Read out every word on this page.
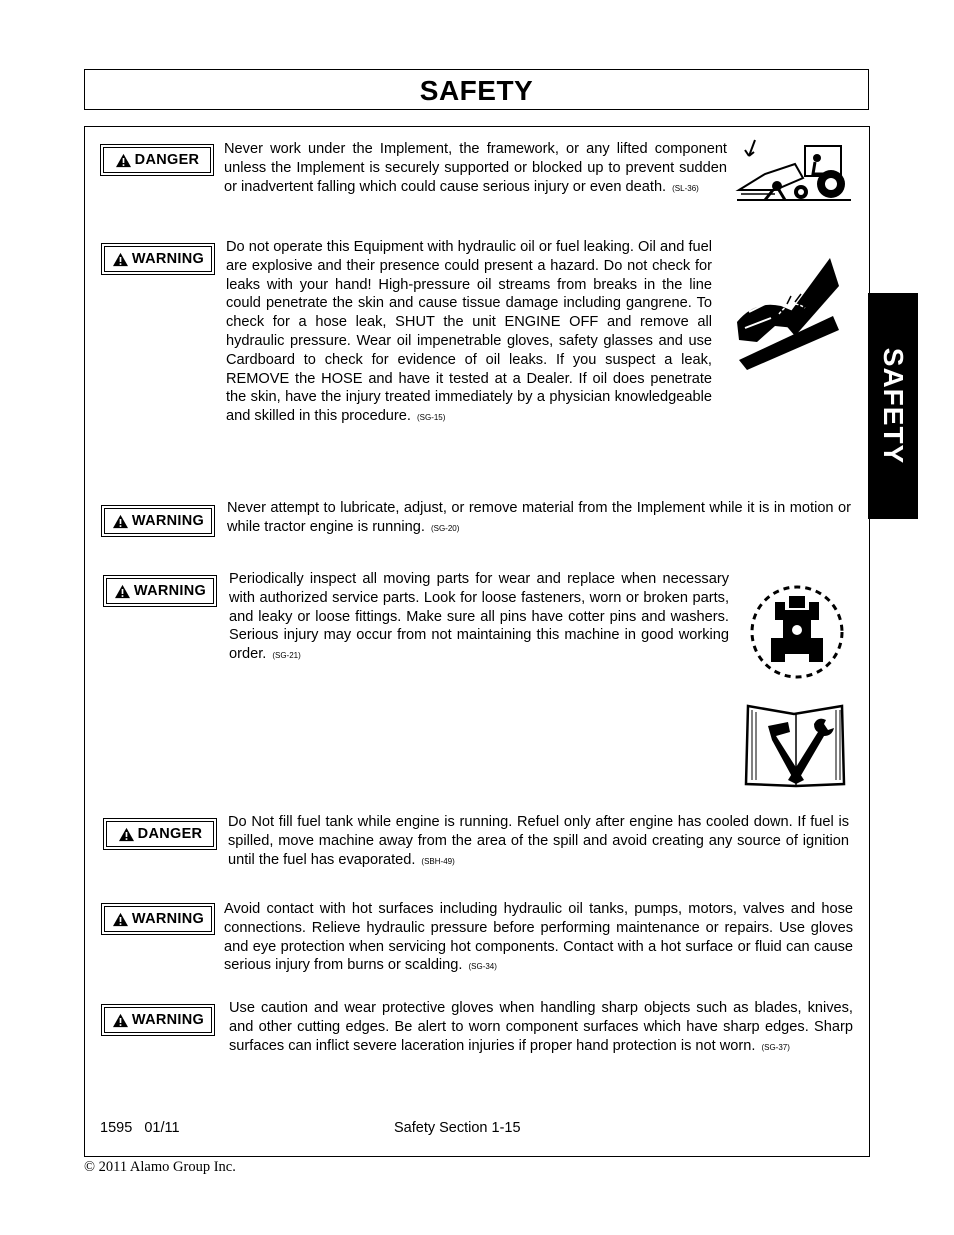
SAFETY
SAFETY
DANGER

Never work under the Implement, the framework, or any lifted component unless the Implement is securely supported or blocked up to prevent sudden or inadvertent falling which could cause serious injury or even death. (SL-36)

WARNING

Do not operate this Equipment with hydraulic oil or fuel leaking. Oil and fuel are explosive and their presence could present a hazard. Do not check for leaks with your hand! High-pressure oil streams from breaks in the line could penetrate the skin and cause tissue damage including gangrene. To check for a hose leak, SHUT the unit ENGINE OFF and remove all hydraulic pressure. Wear oil impenetrable gloves, safety glasses and use Cardboard to check for evidence of oil leaks. If you suspect a leak, REMOVE the HOSE and have it tested at a Dealer. If oil does penetrate the skin, have the injury treated immediately by a physician knowledgeable and skilled in this procedure. (SG-15)

WARNING

Never attempt to lubricate, adjust, or remove material from the Implement while it is in motion or while tractor engine is running. (SG-20)

WARNING

Periodically inspect all moving parts for wear and replace when necessary with authorized service parts. Look for loose fasteners, worn or broken parts, and leaky or loose fittings. Make sure all pins have cotter pins and washers. Serious injury may occur from not maintaining this machine in good working order. (SG-21)

DANGER

Do Not fill fuel tank while engine is running. Refuel only after engine has cooled down. If fuel is spilled, move machine away from the area of the spill and avoid creating any source of ignition until the fuel has evaporated. (SBH-49)

WARNING

Avoid contact with hot surfaces including hydraulic oil tanks, pumps, motors, valves and hose connections. Relieve hydraulic pressure before performing maintenance or repairs. Use gloves and eye protection when servicing hot components. Contact with a hot surface or fluid can cause serious injury from burns or scalding. (SG-34)

WARNING

Use caution and wear protective gloves when handling sharp objects such as blades, knives, and other cutting edges. Be alert to worn component surfaces which have sharp edges. Sharp surfaces can inflict severe laceration injuries if proper hand protection is not worn. (SG-37)

1595   01/11	Safety Section 1-15
© 2011 Alamo Group Inc.
